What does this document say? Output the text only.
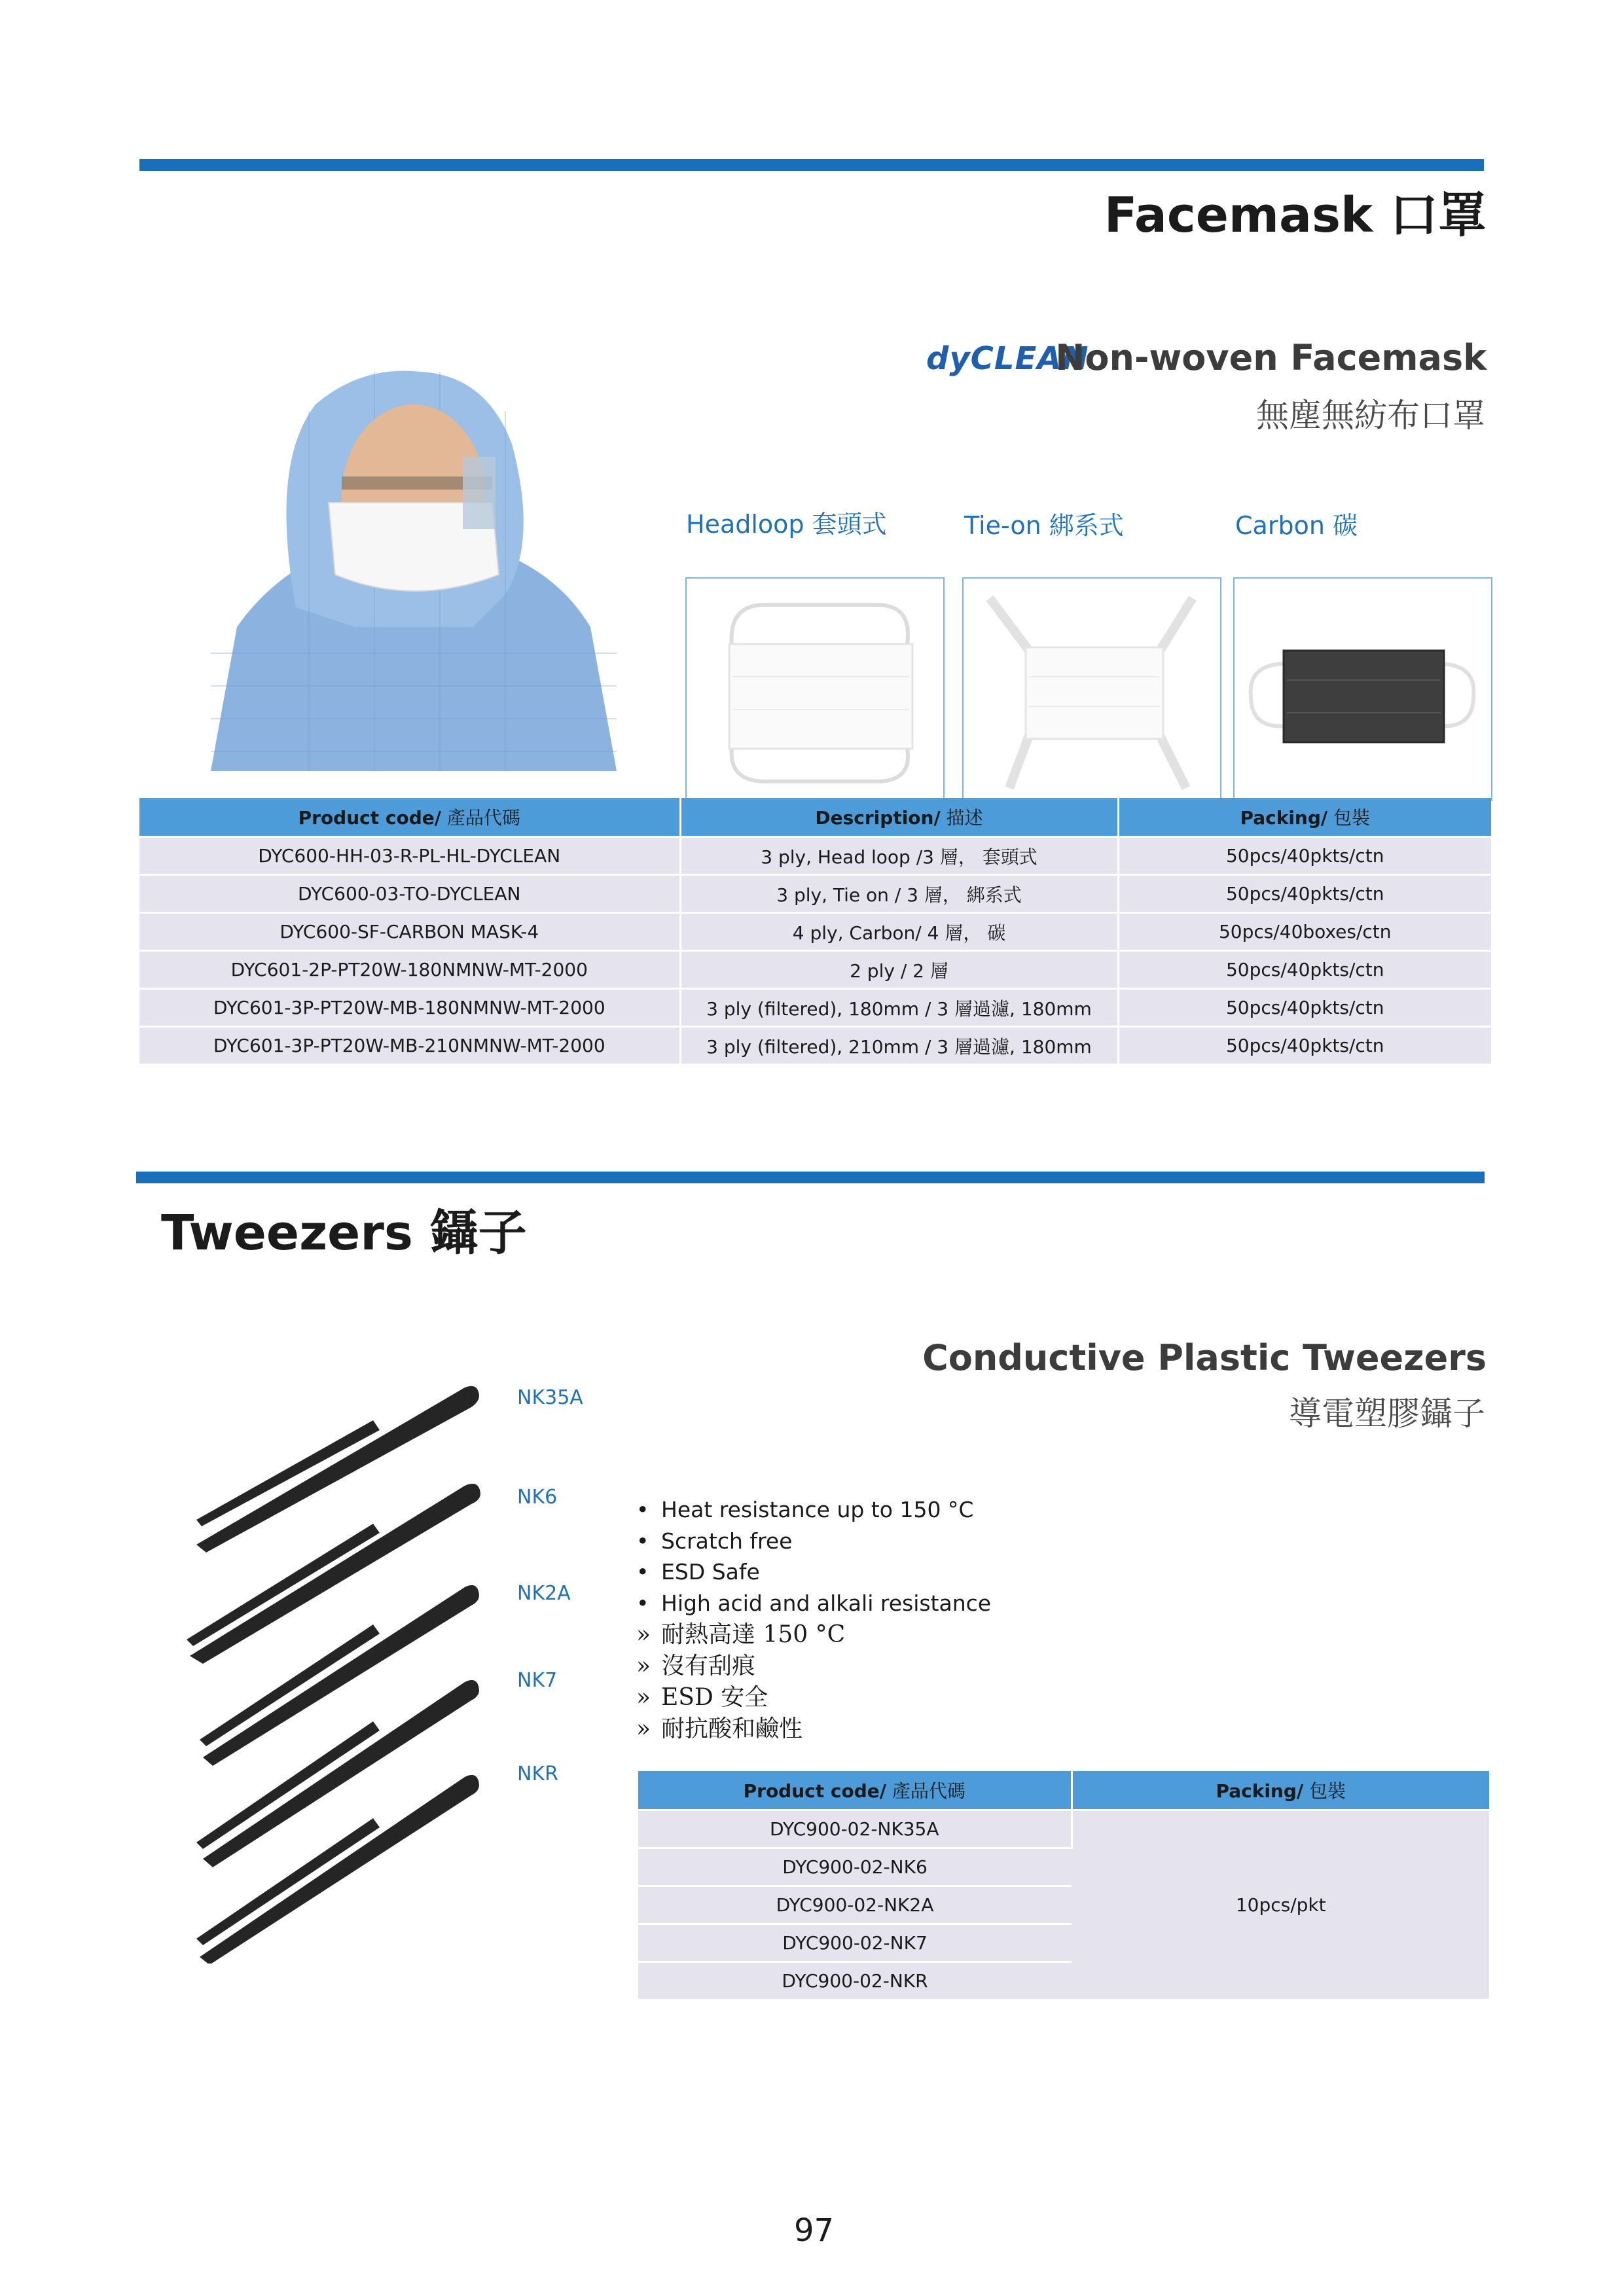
Facemask 口罩
dyCLEAN
Non-woven Facemask
無塵無紡布口罩
Headloop 套頭式	Tie-on 綁系式	Carbon 碳
Product code/ 產品代碼	Description/ 描述	Packing/ 包裝
DYC600-HH-03-R-PL-HL-DYCLEAN	3 ply, Head loop /3 層， 套頭式	50pcs/40pkts/ctn
DYC600-03-TO-DYCLEAN	3 ply, Tie on / 3 層， 綁系式	50pcs/40pkts/ctn
DYC600-SF-CARBON MASK-4	4 ply, Carbon/ 4 層， 碳	50pcs/40boxes/ctn
DYC601-2P-PT20W-180NMNW-MT-2000	2 ply / 2 層	50pcs/40pkts/ctn
DYC601-3P-PT20W-MB-180NMNW-MT-2000	3 ply (filtered), 180mm / 3 層過濾, 180mm	50pcs/40pkts/ctn
DYC601-3P-PT20W-MB-210NMNW-MT-2000	3 ply (filtered), 210mm / 3 層過濾, 180mm	50pcs/40pkts/ctn
Tweezers 鑷子
Conductive Plastic Tweezers
導電塑膠鑷子
NK35A
NK6
NK2A
NK7
NKR
• Heat resistance up to 150 °C
• Scratch free
• ESD Safe
• High acid and alkali resistance
» 耐熱高達 150 °C
» 沒有刮痕
» ESD 安全
» 耐抗酸和鹼性
Product code/ 產品代碼	Packing/ 包裝
DYC900-02-NK35A	10pcs/pkt
DYC900-02-NK6	
DYC900-02-NK2A	
DYC900-02-NK7	
DYC900-02-NKR	
97
